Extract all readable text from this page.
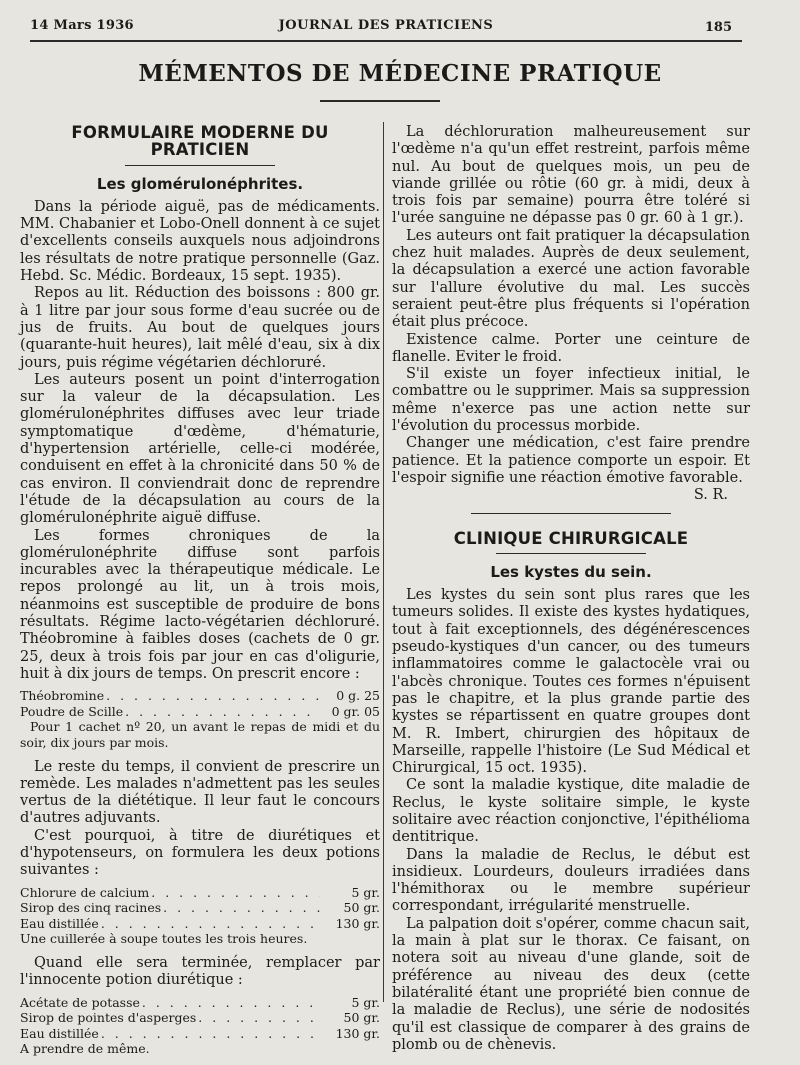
14 Mars 1936	JOURNAL DES PRATICIENS	185
MÉMENTOS DE MÉDECINE PRATIQUE
FORMULAIRE MODERNE DU PRATICIEN
Les glomérulonéphrites.

Dans la période aiguë, pas de médicaments. MM. Chabanier et Lobo-Onell donnent à ce sujet d'excellents conseils auxquels nous adjoindrons les résultats de notre pratique personnelle (Gaz. Hebd. Sc. Médic. Bordeaux, 15 sept. 1935).

Repos au lit. Réduction des boissons : 800 gr. à 1 litre par jour sous forme d'eau sucrée ou de jus de fruits. Au bout de quelques jours (quarante-huit heures), lait mêlé d'eau, six à dix jours, puis régime végétarien déchloruré.

Les auteurs posent un point d'interrogation sur la valeur de la décapsulation. Les glomérulonéphrites diffuses avec leur triade symptomatique d'œdème, d'hématurie, d'hypertension artérielle, celle-ci modérée, conduisent en effet à la chronicité dans 50 % de cas environ. Il conviendrait donc de reprendre l'étude de la décapsulation au cours de la glomérulonéphrite aiguë diffuse.

Les formes chroniques de la glomérulonéphrite diffuse sont parfois incurables avec la thérapeutique médicale. Le repos prolongé au lit, un à trois mois, néanmoins est susceptible de produire de bons résultats. Régime lacto-végétarien déchloruré. Théobromine à faibles doses (cachets de 0 gr. 25, deux à trois fois par jour en cas d'oligurie, huit à dix jours de temps. On prescrit encore :

Théobromine . . .	0 g. 25
Poudre de Scille . . .	0 gr. 05
Pour 1 cachet nº 20, un avant le repas de midi et du soir, dix jours par mois.

Le reste du temps, il convient de prescrire un remède. Les malades n'admettent pas les seules vertus de la diététique. Il leur faut le concours d'autres adjuvants.

C'est pourquoi, à titre de diurétiques et d'hypotenseurs, on formulera les deux potions suivantes :

Chlorure de calcium . . .	5 gr.
Sirop des cinq racines . . .	50 gr.
Eau distillée . . .	130 gr.
Une cuillerée à soupe toutes les trois heures.

Quand elle sera terminée, remplacer par l'innocente potion diurétique :

Acétate de potasse . . .	5 gr.
Sirop de pointes d'asperges . . .	50 gr.
Eau distillée . . .	130 gr.
A prendre de même.

La déchloruration malheureusement sur l'œdème n'a qu'un effet restreint, parfois même nul. Au bout de quelques mois, un peu de viande grillée ou rôtie (60 gr. à midi, deux à trois fois par semaine) pourra être toléré si l'urée sanguine ne dépasse pas 0 gr. 60 à 1 gr.).

Les auteurs ont fait pratiquer la décapsulation chez huit malades. Auprès de deux seulement, la décapsulation a exercé une action favorable sur l'allure évolutive du mal. Les succès seraient peut-être plus fréquents si l'opération était plus précoce.

Existence calme. Porter une ceinture de flanelle. Eviter le froid.

S'il existe un foyer infectieux initial, le combattre ou le supprimer. Mais sa suppression même n'exerce pas une action nette sur l'évolution du processus morbide.

Changer une médication, c'est faire prendre patience. Et la patience comporte un espoir. Et l'espoir signifie une réaction émotive favorable.

S. R.
CLINIQUE CHIRURGICALE
Les kystes du sein.

Les kystes du sein sont plus rares que les tumeurs solides. Il existe des kystes hydatiques, tout à fait exceptionnels, des dégénérescences pseudo-kystiques d'un cancer, ou des tumeurs inflammatoires comme le galactocèle vrai ou l'abcès chronique. Toutes ces formes n'épuisent pas le chapitre, et la plus grande partie des kystes se répartissent en quatre groupes dont M. R. Imbert, chirurgien des hôpitaux de Marseille, rappelle l'histoire (Le Sud Médical et Chirurgical, 15 oct. 1935).

Ce sont la maladie kystique, dite maladie de Reclus, le kyste solitaire simple, le kyste solitaire avec réaction conjonctive, l'épithélioma dentitrique.

Dans la maladie de Reclus, le début est insidieux. Lourdeurs, douleurs irradiées dans l'hémithorax ou le membre supérieur correspondant, irrégularité menstruelle.

La palpation doit s'opérer, comme chacun sait, la main à plat sur le thorax. Ce faisant, on notera soit au niveau d'une glande, soit de préférence au niveau des deux (cette bilatéralité étant une propriété bien connue de la maladie de Reclus), une série de nodosités qu'il est classique de comparer à des grains de plomb ou de chènevis.
